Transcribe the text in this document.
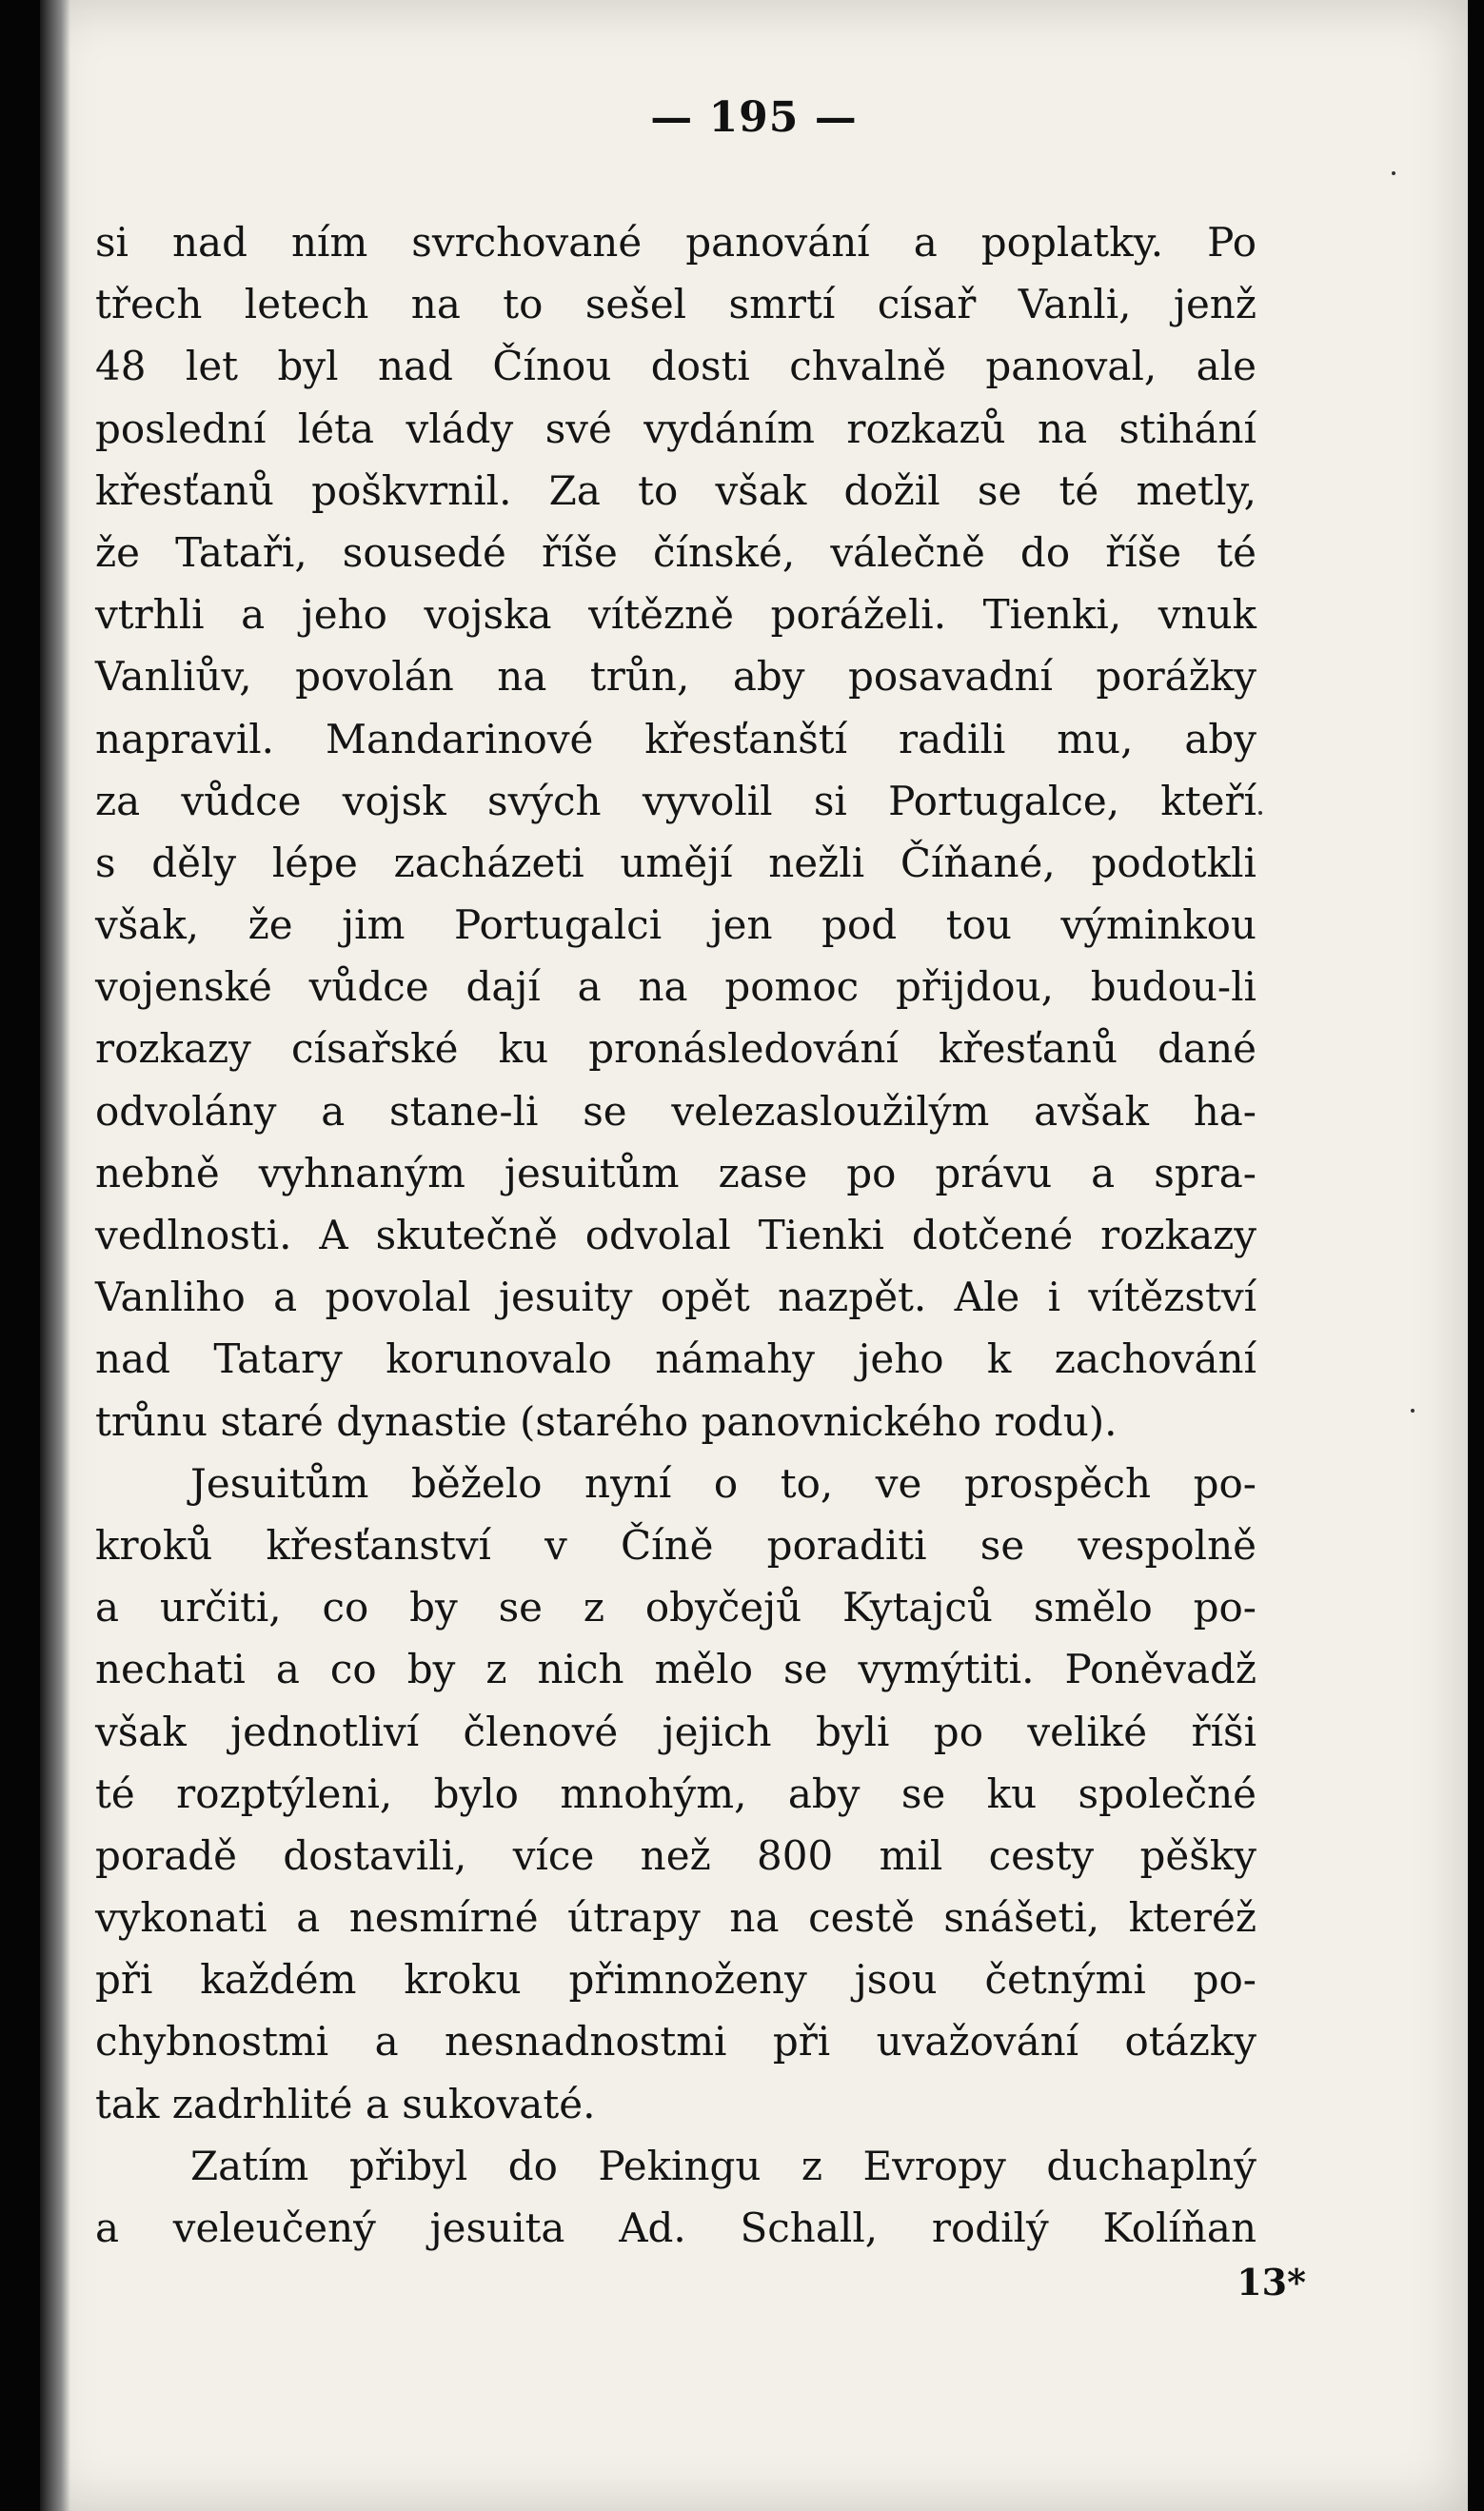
— 195 —
si nad ním svrchované panování a poplatky. Po
třech letech na to sešel smrtí císař Vanli, jenž
48 let byl nad Čínou dosti chvalně panoval, ale
poslední léta vlády své vydáním rozkazů na stihání
křesťanů poškvrnil. Za to však dožil se té metly,
že Tataři, sousedé říše čínské, válečně do říše té
vtrhli a jeho vojska vítězně poráželi. Tienki, vnuk
Vanliův, povolán na trůn, aby posavadní porážky
napravil. Mandarinové křesťanští radili mu, aby
za vůdce vojsk svých vyvolil si Portugalce, kteří
s děly lépe zacházeti umějí nežli Číňané, podotkli
však, že jim Portugalci jen pod tou výminkou
vojenské vůdce dají a na pomoc přijdou, budou-li
rozkazy císařské ku pronásledování křesťanů dané
odvolány a stane-li se velezasloužilým avšak ha-
nebně vyhnaným jesuitům zase po právu a spra-
vedlnosti. A skutečně odvolal Tienki dotčené rozkazy
Vanliho a povolal jesuity opět nazpět. Ale i vítězství
nad Tatary korunovalo námahy jeho k zachování
trůnu staré dynastie (starého panovnického rodu).
Jesuitům běželo nyní o to, ve prospěch po-
kroků křesťanství v Číně poraditi se vespolně
a určiti, co by se z obyčejů Kytajců smělo po-
nechati a co by z nich mělo se vymýtiti. Poněvadž
však jednotliví členové jejich byli po veliké říši
té rozptýleni, bylo mnohým, aby se ku společné
poradě dostavili, více než 800 mil cesty pěšky
vykonati a nesmírné útrapy na cestě snášeti, kteréž
při každém kroku přimnoženy jsou četnými po-
chybnostmi a nesnadnostmi při uvažování otázky
tak zadrhlité a sukovaté.
Zatím přibyl do Pekingu z Evropy duchaplný
a veleučený jesuita Ad. Schall, rodilý Kolíňan
13*
